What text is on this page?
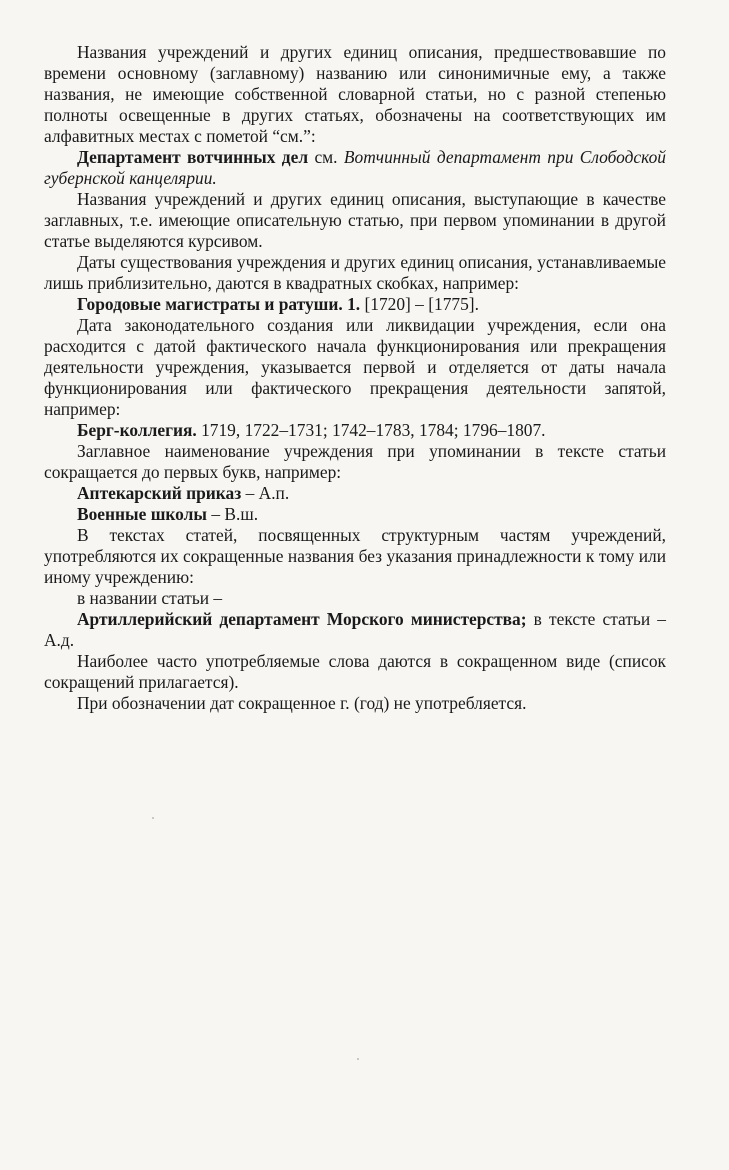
Названия учреждений и других единиц описания, предшествовавшие по времени основному (заглавному) названию или синонимичные ему, а также названия, не имеющие собственной словарной статьи, но с разной степенью полноты освещенные в других статьях, обозначены на соответствующих им алфавитных местах с пометой “см.”:

Департамент вотчинных дел см. Вотчинный департамент при Слободской губернской канцелярии.

Названия учреждений и других единиц описания, выступающие в качестве заглавных, т.е. имеющие описательную статью, при первом упоминании в другой статье выделяются курсивом.

Даты существования учреждения и других единиц описания, устанавливаемые лишь приблизительно, даются в квадратных скобках, например:

Городовые магистраты и ратуши. 1. [1720] – [1775].

Дата законодательного создания или ликвидации учреждения, если она расходится с датой фактического начала функционирования или прекращения деятельности учреждения, указывается первой и отделяется от даты начала функционирования или фактического прекращения деятельности запятой, например:

Берг-коллегия. 1719, 1722–1731; 1742–1783, 1784; 1796–1807.

Заглавное наименование учреждения при упоминании в тексте статьи сокращается до первых букв, например:

Аптекарский приказ – А.п.

Военные школы – В.ш.

В текстах статей, посвященных структурным частям учреждений, употребляются их сокращенные названия без указания принадлежности к тому или иному учреждению:

в названии статьи –

Артиллерийский департамент Морского министерства; в тексте статьи – А.д.

Наиболее часто употребляемые слова даются в сокращенном виде (список сокращений прилагается).

При обозначении дат сокращенное г. (год) не употребляется.
